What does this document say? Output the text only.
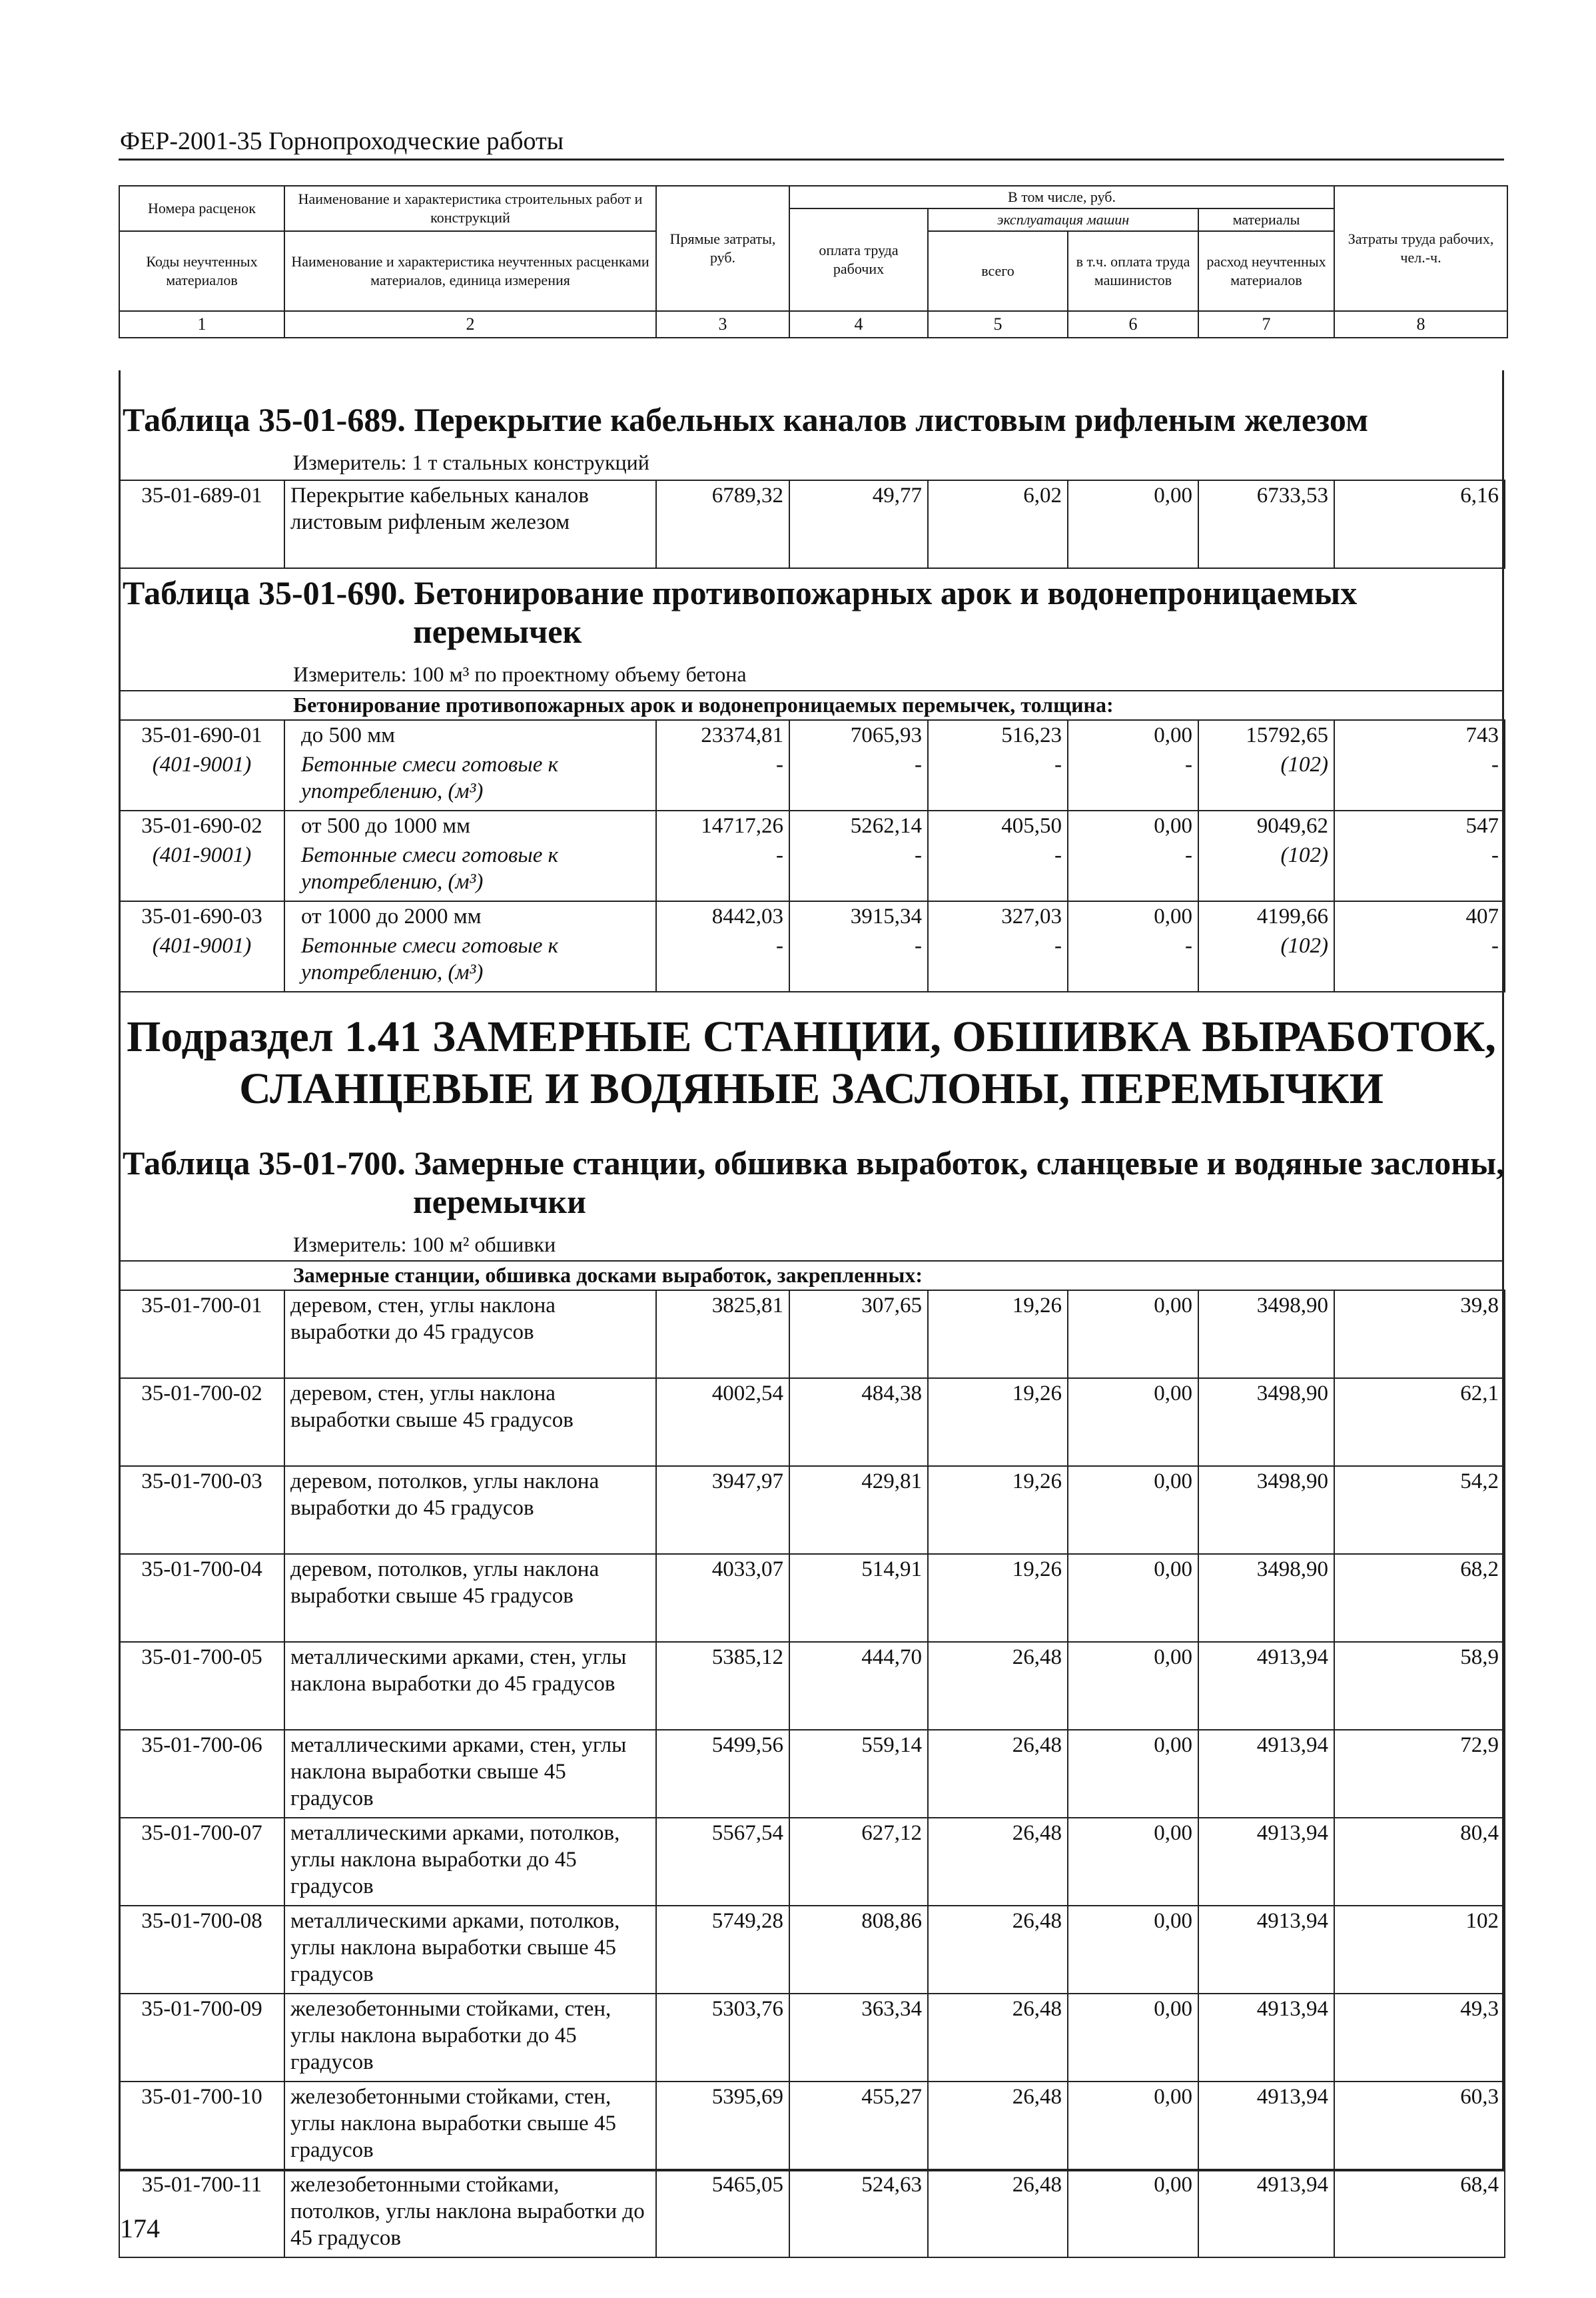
ФЕР-2001-35 Горнопроходческие работы
Номера расценок	Наименование и характеристика строительных работ и конструкций	Прямые затраты, руб.	В том числе, руб.				Затраты труда рабочих, чел.-ч.
			оплата труда рабочих	эксплуатация машин		материалы	
Коды неучтенных материалов	Наименование и характеристика неучтенных расценками материалов, единица измерения			всего	в т.ч. оплата труда машинистов	расход неучтенных материалов	

1	2	3	4	5	6	7	8
Таблица 35-01-689. Перекрытие кабельных каналов листовым рифленым железом
Измеритель: 1 т стальных конструкций
35-01-689-01	Перекрытие кабельных каналов листовым рифленым железом	6789,32	49,77	6,02	0,00	6733,53	6,16
Таблица 35-01-690. Бетонирование противопожарных арок и водонепроницаемых
перемычек
Измеритель: 100 м³ по проектному объему бетона
Бетонирование противопожарных арок и водонепроницаемых перемычек, толщина:
35-01-690-01	до 500 мм	23374,81	7065,93	516,23	0,00	15792,65	743
(401-9001)	Бетонные смеси готовые к употреблению, (м³)	-	-	-	-	(102)	-
35-01-690-02	от 500 до 1000 мм	14717,26	5262,14	405,50	0,00	9049,62	547
(401-9001)	Бетонные смеси готовые к употреблению, (м³)	-	-	-	-	(102)	-
35-01-690-03	от 1000 до 2000 мм	8442,03	3915,34	327,03	0,00	4199,66	407
(401-9001)	Бетонные смеси готовые к употреблению, (м³)	-	-	-	-	(102)	-
Подраздел 1.41 ЗАМЕРНЫЕ СТАНЦИИ, ОБШИВКА ВЫРАБОТОК,
СЛАНЦЕВЫЕ И ВОДЯНЫЕ ЗАСЛОНЫ, ПЕРЕМЫЧКИ
Таблица 35-01-700. Замерные станции, обшивка выработок, сланцевые и водяные заслоны,
перемычки
Измеритель: 100 м² обшивки
Замерные станции, обшивка досками выработок, закрепленных:
35-01-700-01	деревом, стен, углы наклона выработки до 45 градусов	3825,81	307,65	19,26	0,00	3498,90	39,8
35-01-700-02	деревом, стен, углы наклона выработки свыше 45 градусов	4002,54	484,38	19,26	0,00	3498,90	62,1
35-01-700-03	деревом, потолков, углы наклона выработки до 45 градусов	3947,97	429,81	19,26	0,00	3498,90	54,2
35-01-700-04	деревом, потолков, углы наклона выработки свыше 45 градусов	4033,07	514,91	19,26	0,00	3498,90	68,2
35-01-700-05	металлическими арками, стен, углы наклона выработки до 45 градусов	5385,12	444,70	26,48	0,00	4913,94	58,9
35-01-700-06	металлическими арками, стен, углы наклона выработки свыше 45 градусов	5499,56	559,14	26,48	0,00	4913,94	72,9
35-01-700-07	металлическими арками, потолков, углы наклона выработки до 45 градусов	5567,54	627,12	26,48	0,00	4913,94	80,4
35-01-700-08	металлическими арками, потолков, углы наклона выработки свыше 45 градусов	5749,28	808,86	26,48	0,00	4913,94	102
35-01-700-09	железобетонными стойками, стен, углы наклона выработки до 45 градусов	5303,76	363,34	26,48	0,00	4913,94	49,3
35-01-700-10	железобетонными стойками, стен, углы наклона выработки свыше 45 градусов	5395,69	455,27	26,48	0,00	4913,94	60,3
35-01-700-11	железобетонными стойками, потолков, углы наклона выработки до 45 градусов	5465,05	524,63	26,48	0,00	4913,94	68,4
174
